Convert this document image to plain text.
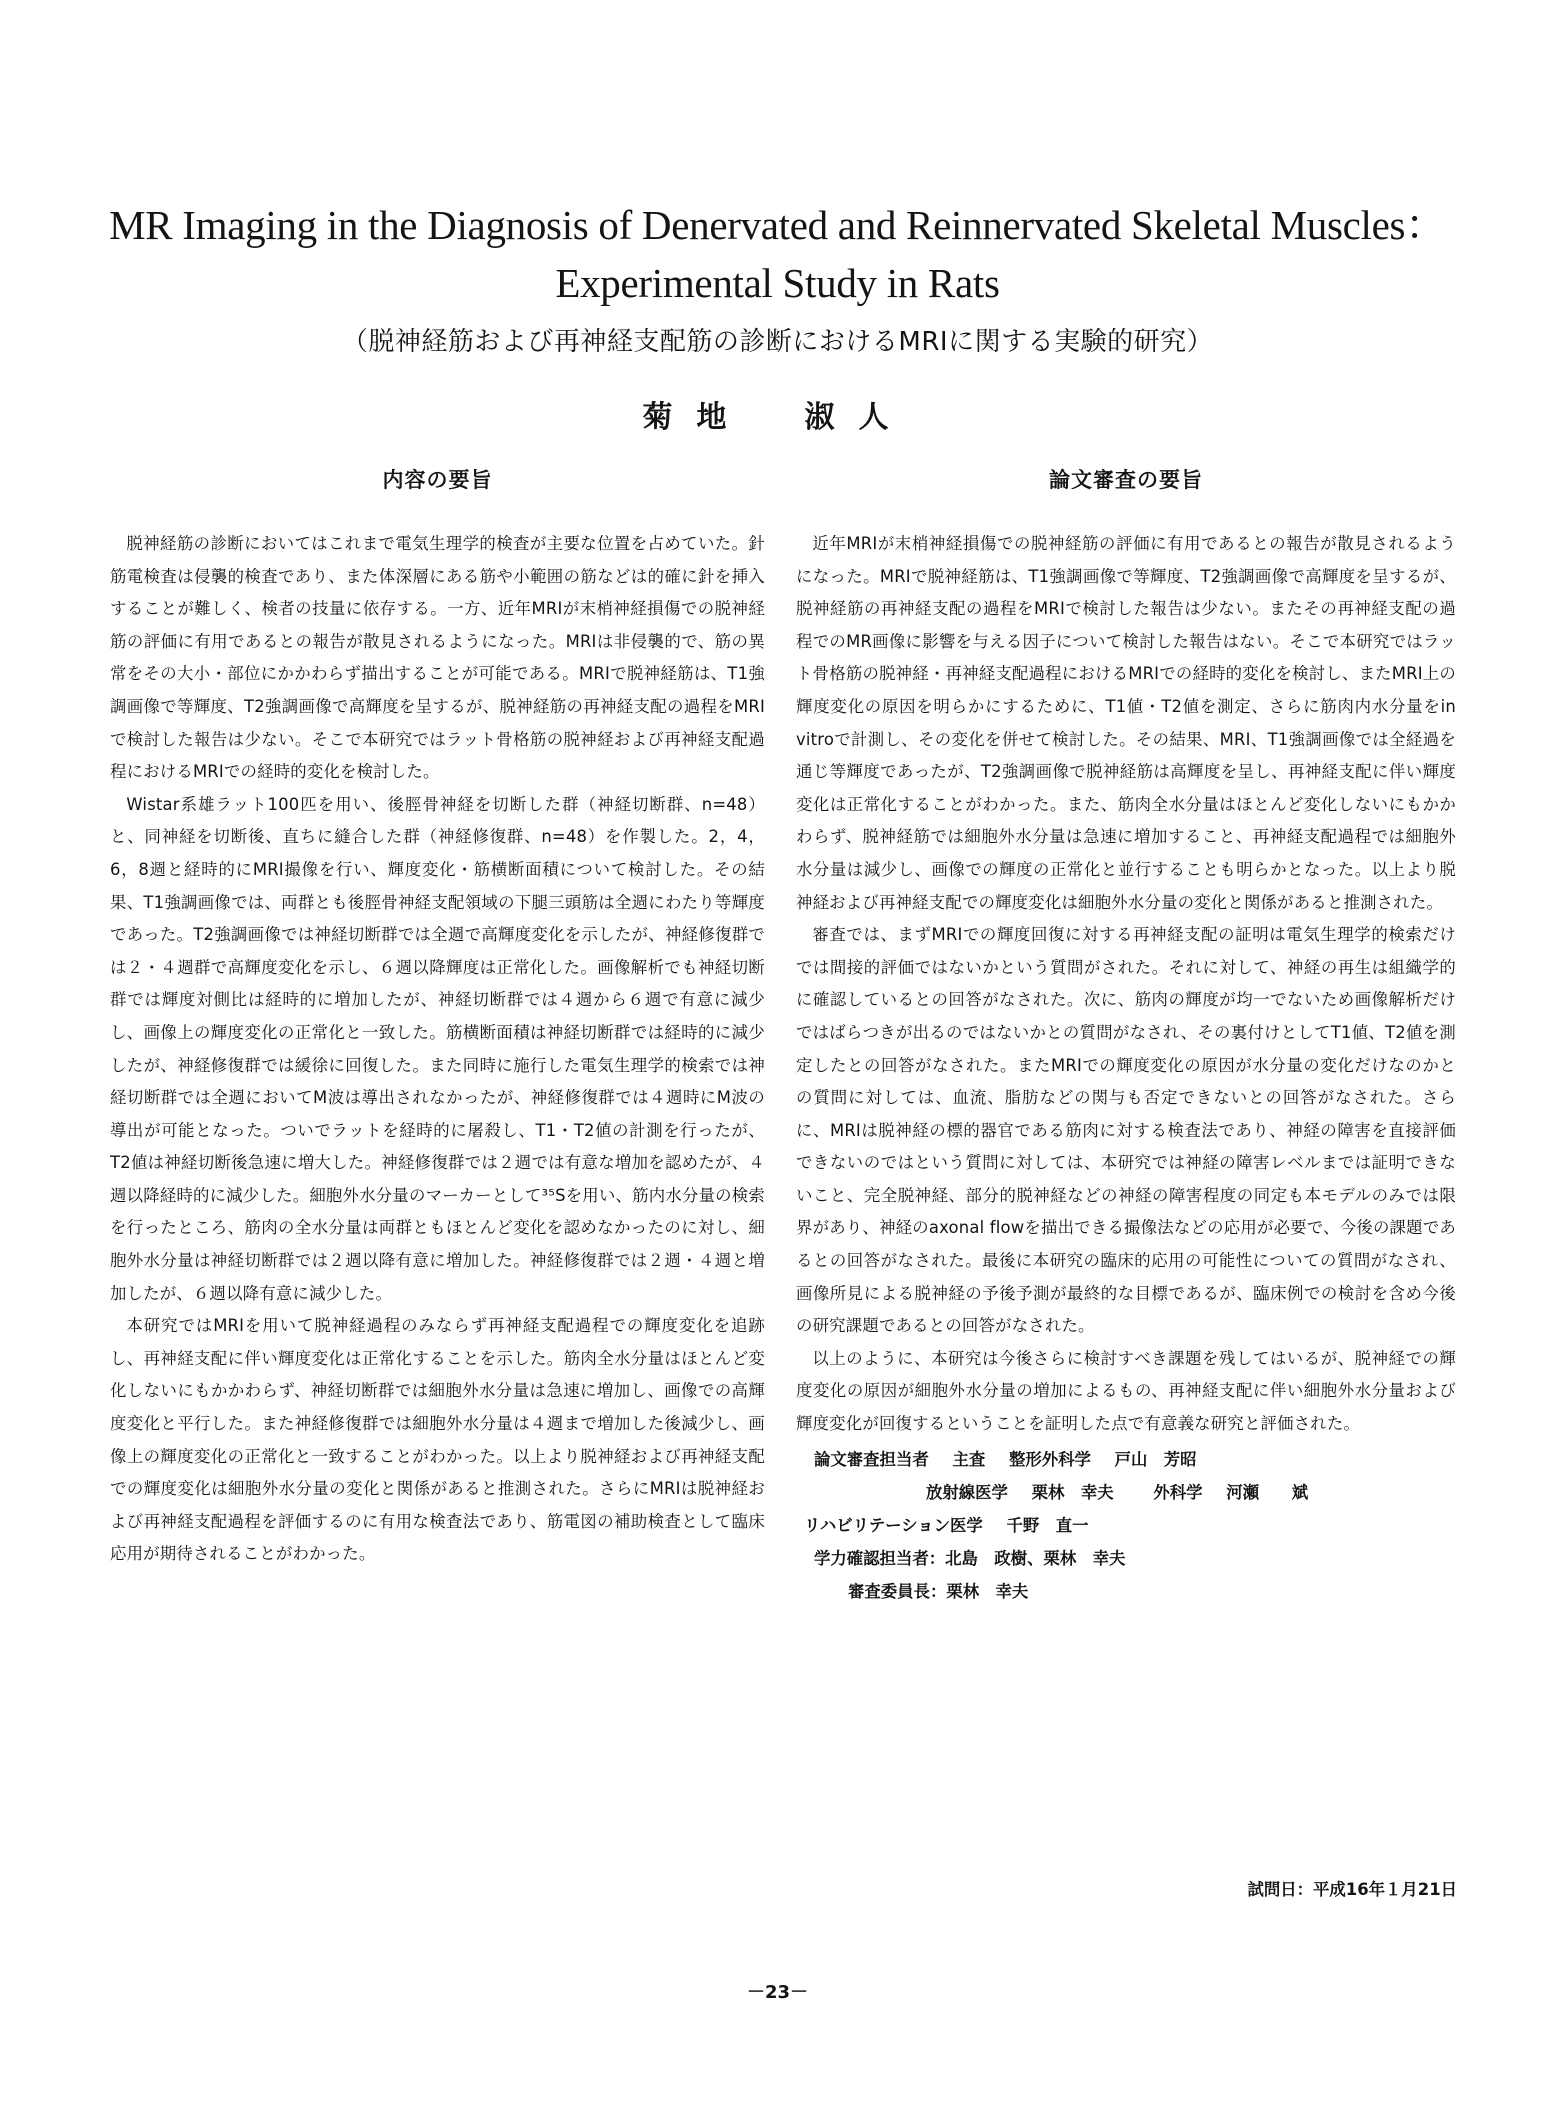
MR Imaging in the Diagnosis of Denervated and Reinnervated Skeletal Muscles：
Experimental Study in Rats
（脱神経筋および再神経支配筋の診断におけるMRIに関する実験的研究）
菊地　淑人
内容の要旨

脱神経筋の診断においてはこれまで電気生理学的検査が主要な位置を占めていた。針筋電検査は侵襲的検査であり、また体深層にある筋や小範囲の筋などは的確に針を挿入することが難しく、検者の技量に依存する。一方、近年MRIが末梢神経損傷での脱神経筋の評価に有用であるとの報告が散見されるようになった。MRIは非侵襲的で、筋の異常をその大小・部位にかかわらず描出することが可能である。MRIで脱神経筋は、T1強調画像で等輝度、T2強調画像で高輝度を呈するが、脱神経筋の再神経支配の過程をMRIで検討した報告は少ない。そこで本研究ではラット骨格筋の脱神経および再神経支配過程におけるMRIでの経時的変化を検討した。

Wistar系雄ラット100匹を用い、後脛骨神経を切断した群（神経切断群、n=48）と、同神経を切断後、直ちに縫合した群（神経修復群、n=48）を作製した。2，4，6，8週と経時的にMRI撮像を行い、輝度変化・筋横断面積について検討した。その結果、T1強調画像では、両群とも後脛骨神経支配領域の下腿三頭筋は全週にわたり等輝度であった。T2強調画像では神経切断群では全週で高輝度変化を示したが、神経修復群では２・４週群で高輝度変化を示し、６週以降輝度は正常化した。画像解析でも神経切断群では輝度対側比は経時的に増加したが、神経切断群では４週から６週で有意に減少し、画像上の輝度変化の正常化と一致した。筋横断面積は神経切断群では経時的に減少したが、神経修復群では緩徐に回復した。また同時に施行した電気生理学的検索では神経切断群では全週においてM波は導出されなかったが、神経修復群では４週時にM波の導出が可能となった。ついでラットを経時的に屠殺し、T1・T2値の計測を行ったが、T2値は神経切断後急速に増大した。神経修復群では２週では有意な増加を認めたが、４週以降経時的に減少した。細胞外水分量のマーカーとして³⁵Sを用い、筋内水分量の検索を行ったところ、筋肉の全水分量は両群ともほとんど変化を認めなかったのに対し、細胞外水分量は神経切断群では２週以降有意に増加した。神経修復群では２週・４週と増加したが、６週以降有意に減少した。

本研究ではMRIを用いて脱神経過程のみならず再神経支配過程での輝度変化を追跡し、再神経支配に伴い輝度変化は正常化することを示した。筋肉全水分量はほとんど変化しないにもかかわらず、神経切断群では細胞外水分量は急速に増加し、画像での高輝度変化と平行した。また神経修復群では細胞外水分量は４週まで増加した後減少し、画像上の輝度変化の正常化と一致することがわかった。以上より脱神経および再神経支配での輝度変化は細胞外水分量の変化と関係があると推測された。さらにMRIは脱神経および再神経支配過程を評価するのに有用な検査法であり、筋電図の補助検査として臨床応用が期待されることがわかった。

論文審査の要旨

近年MRIが末梢神経損傷での脱神経筋の評価に有用であるとの報告が散見されるようになった。MRIで脱神経筋は、T1強調画像で等輝度、T2強調画像で高輝度を呈するが、脱神経筋の再神経支配の過程をMRIで検討した報告は少ない。またその再神経支配の過程でのMR画像に影響を与える因子について検討した報告はない。そこで本研究ではラット骨格筋の脱神経・再神経支配過程におけるMRIでの経時的変化を検討し、またMRI上の輝度変化の原因を明らかにするために、T1値・T2値を測定、さらに筋肉内水分量をin vitroで計測し、その変化を併せて検討した。その結果、MRI、T1強調画像では全経過を通じ等輝度であったが、T2強調画像で脱神経筋は高輝度を呈し、再神経支配に伴い輝度変化は正常化することがわかった。また、筋肉全水分量はほとんど変化しないにもかかわらず、脱神経筋では細胞外水分量は急速に増加すること、再神経支配過程では細胞外水分量は減少し、画像での輝度の正常化と並行することも明らかとなった。以上より脱神経および再神経支配での輝度変化は細胞外水分量の変化と関係があると推測された。

審査では、まずMRIでの輝度回復に対する再神経支配の証明は電気生理学的検索だけでは間接的評価ではないかという質問がされた。それに対して、神経の再生は組織学的に確認しているとの回答がなされた。次に、筋肉の輝度が均一でないため画像解析だけではばらつきが出るのではないかとの質問がなされ、その裏付けとしてT1値、T2値を測定したとの回答がなされた。またMRIでの輝度変化の原因が水分量の変化だけなのかとの質問に対しては、血流、脂肪などの関与も否定できないとの回答がなされた。さらに、MRIは脱神経の標的器官である筋肉に対する検査法であり、神経の障害を直接評価できないのではという質問に対しては、本研究では神経の障害レベルまでは証明できないこと、完全脱神経、部分的脱神経などの神経の障害程度の同定も本モデルのみでは限界があり、神経のaxonal flowを描出できる撮像法などの応用が必要で、今後の課題であるとの回答がなされた。最後に本研究の臨床的応用の可能性についての質問がなされ、画像所見による脱神経の予後予測が最終的な目標であるが、臨床例での検討を含め今後の研究課題であるとの回答がなされた。

以上のように、本研究は今後さらに検討すべき課題を残してはいるが、脱神経での輝度変化の原因が細胞外水分量の増加によるもの、再神経支配に伴い細胞外水分量および輝度変化が回復するということを証明した点で有意義な研究と評価された。

論文審査担当者 主査 整形外科学 戸山　芳昭
放射線医学 栗林　幸夫 外科学 河瀬　　斌
リハビリテーション医学 千野　直一
学力確認担当者：北島　政樹、栗林　幸夫
審査委員長：栗林　幸夫
試問日：平成16年１月21日
－23－
